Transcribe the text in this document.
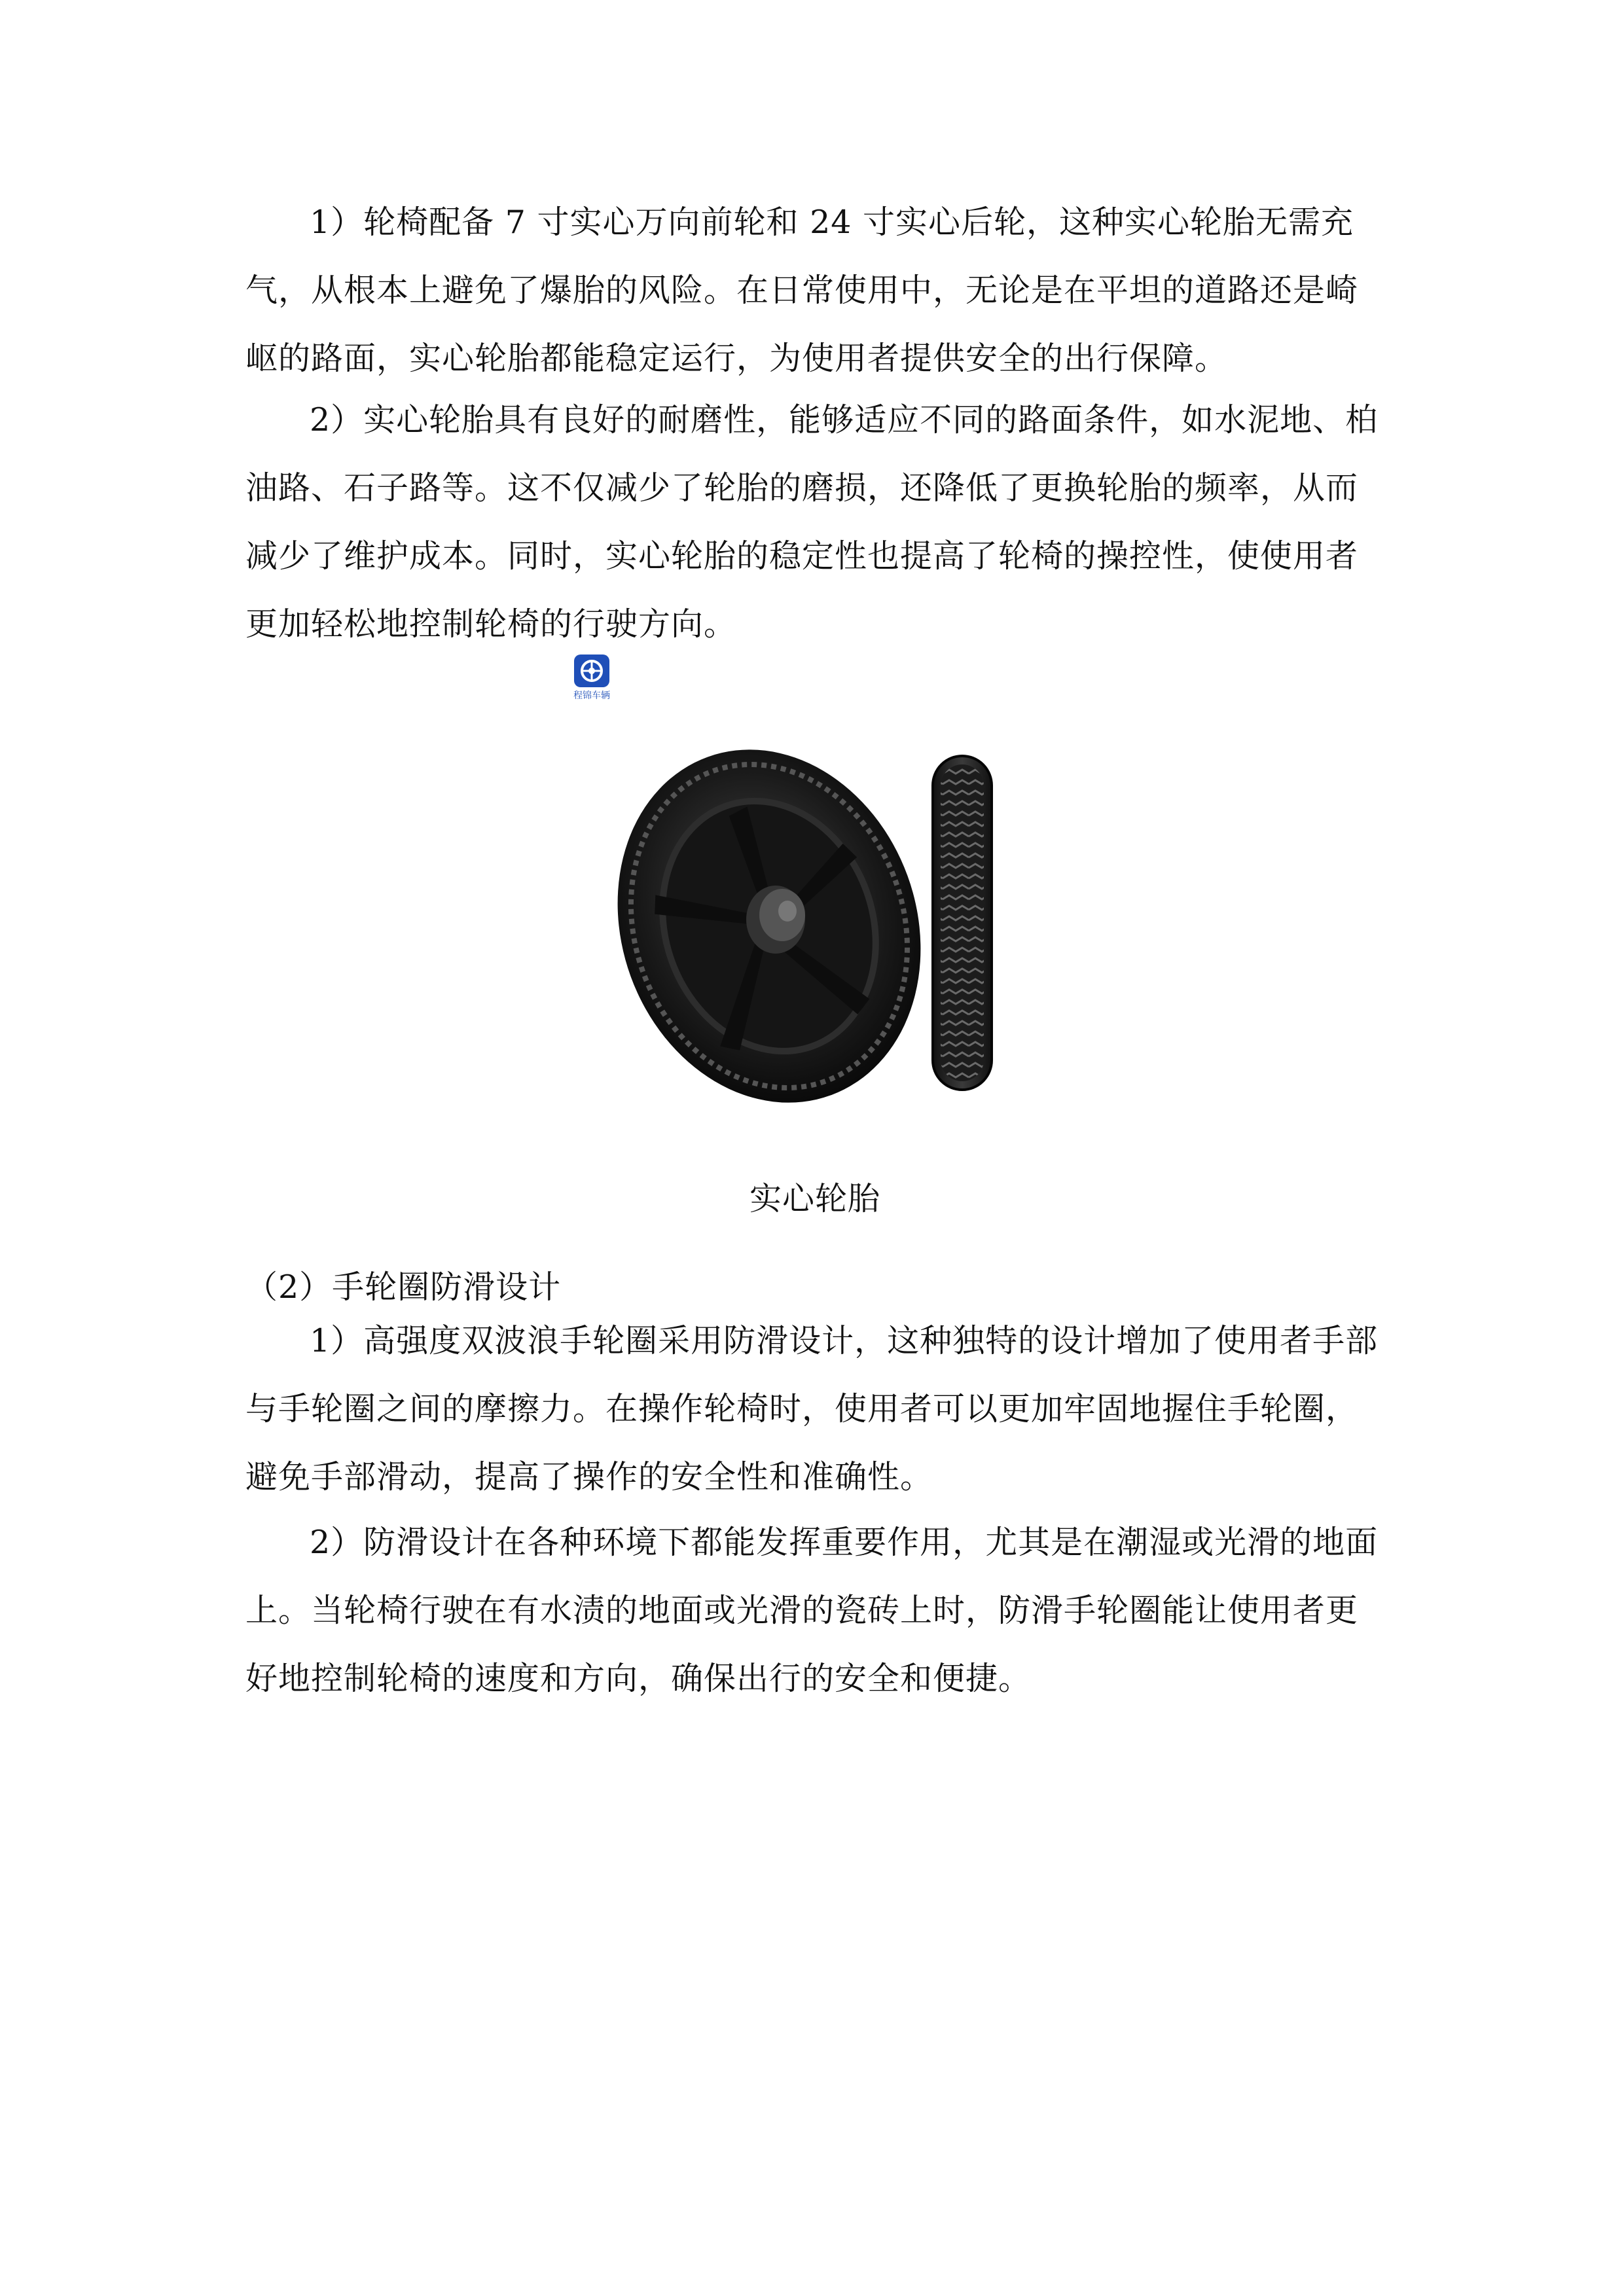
1）轮椅配备 7 寸实心万向前轮和 24 寸实心后轮，这种实心轮胎无需充气，从根本上避免了爆胎的风险。在日常使用中，无论是在平坦的道路还是崎岖的路面，实心轮胎都能稳定运行，为使用者提供安全的出行保障。

2）实心轮胎具有良好的耐磨性，能够适应不同的路面条件，如水泥地、柏油路、石子路等。这不仅减少了轮胎的磨损，还降低了更换轮胎的频率，从而减少了维护成本。同时，实心轮胎的稳定性也提高了轮椅的操控性，使使用者更加轻松地控制轮椅的行驶方向。

程锦车辆

实心轮胎

（2）手轮圈防滑设计

1）高强度双波浪手轮圈采用防滑设计，这种独特的设计增加了使用者手部与手轮圈之间的摩擦力。在操作轮椅时，使用者可以更加牢固地握住手轮圈，避免手部滑动，提高了操作的安全性和准确性。

2）防滑设计在各种环境下都能发挥重要作用，尤其是在潮湿或光滑的地面上。当轮椅行驶在有水渍的地面或光滑的瓷砖上时，防滑手轮圈能让使用者更好地控制轮椅的速度和方向，确保出行的安全和便捷。
